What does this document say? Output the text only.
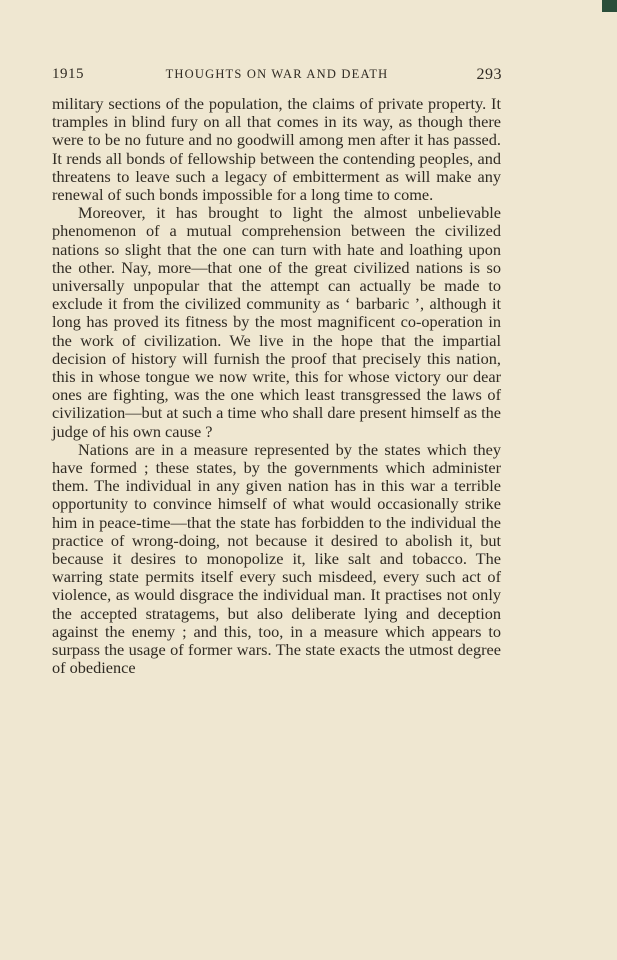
1915	THOUGHTS ON WAR AND DEATH	293

military sections of the population, the claims of private property. It tramples in blind fury on all that comes in its way, as though there were to be no future and no goodwill among men after it has passed. It rends all bonds of fellowship between the contending peoples, and threatens to leave such a legacy of embitterment as will make any renewal of such bonds impossible for a long time to come.

Moreover, it has brought to light the almost unbelievable phenomenon of a mutual comprehension between the civilized nations so slight that the one can turn with hate and loathing upon the other. Nay, more—that one of the great civilized nations is so universally unpopular that the attempt can actually be made to exclude it from the civilized community as ‘ barbaric ’, although it long has proved its fitness by the most magnificent co-operation in the work of civilization. We live in the hope that the impartial decision of history will furnish the proof that precisely this nation, this in whose tongue we now write, this for whose victory our dear ones are fighting, was the one which least transgressed the laws of civilization—but at such a time who shall dare present himself as the judge of his own cause ?

Nations are in a measure represented by the states which they have formed ; these states, by the governments which administer them. The individual in any given nation has in this war a terrible opportunity to convince himself of what would occasionally strike him in peace-time—that the state has forbidden to the individual the practice of wrong-doing, not because it desired to abolish it, but because it desires to monopolize it, like salt and tobacco. The warring state permits itself every such misdeed, every such act of violence, as would disgrace the individual man. It practises not only the accepted stratagems, but also deliberate lying and deception against the enemy ; and this, too, in a measure which appears to surpass the usage of former wars. The state exacts the utmost degree of obedience
